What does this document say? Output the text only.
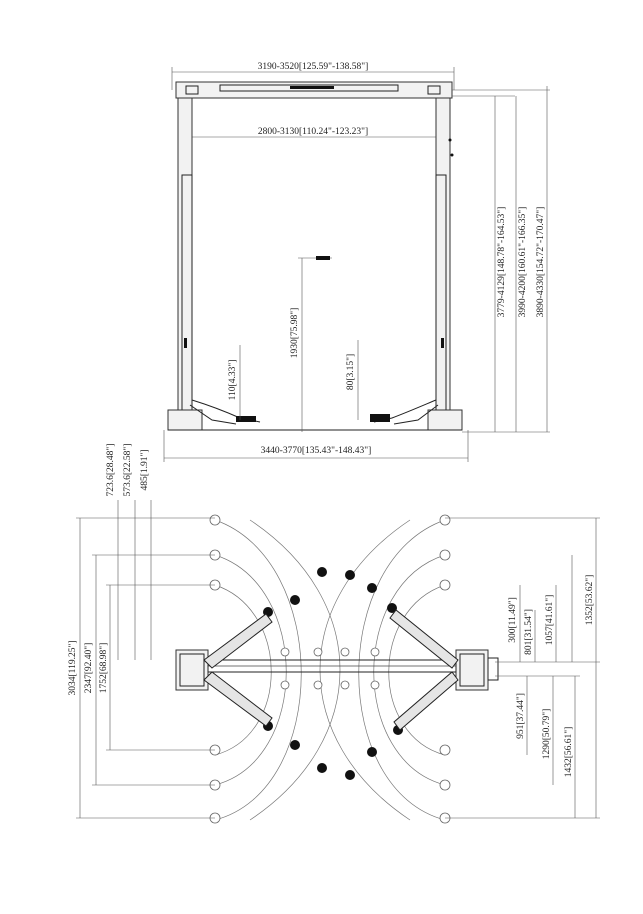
3190-3520[125.59"-138.58"]
2800-3130[110.24"-123.23"]
1930[75.98"]
110[4.33"]	80[3.15"]
3779-4129[148.78"-164.53"] 3990-4200[160.61"-166.35"] 3890-4330[154.72"-170.47"]
3440-3770[135.43"-148.43"]
723.6[28.48"] 573.6[22.58"] 485[1.91"]
3034[119.25"] 2347[92.40"] 1752[68.98"]
300[11.49"] 801[31.54"] 1057[41.61"]	1352[53.62"]
951[37.44"] 1290[50.79"] 1432[56.61"]
